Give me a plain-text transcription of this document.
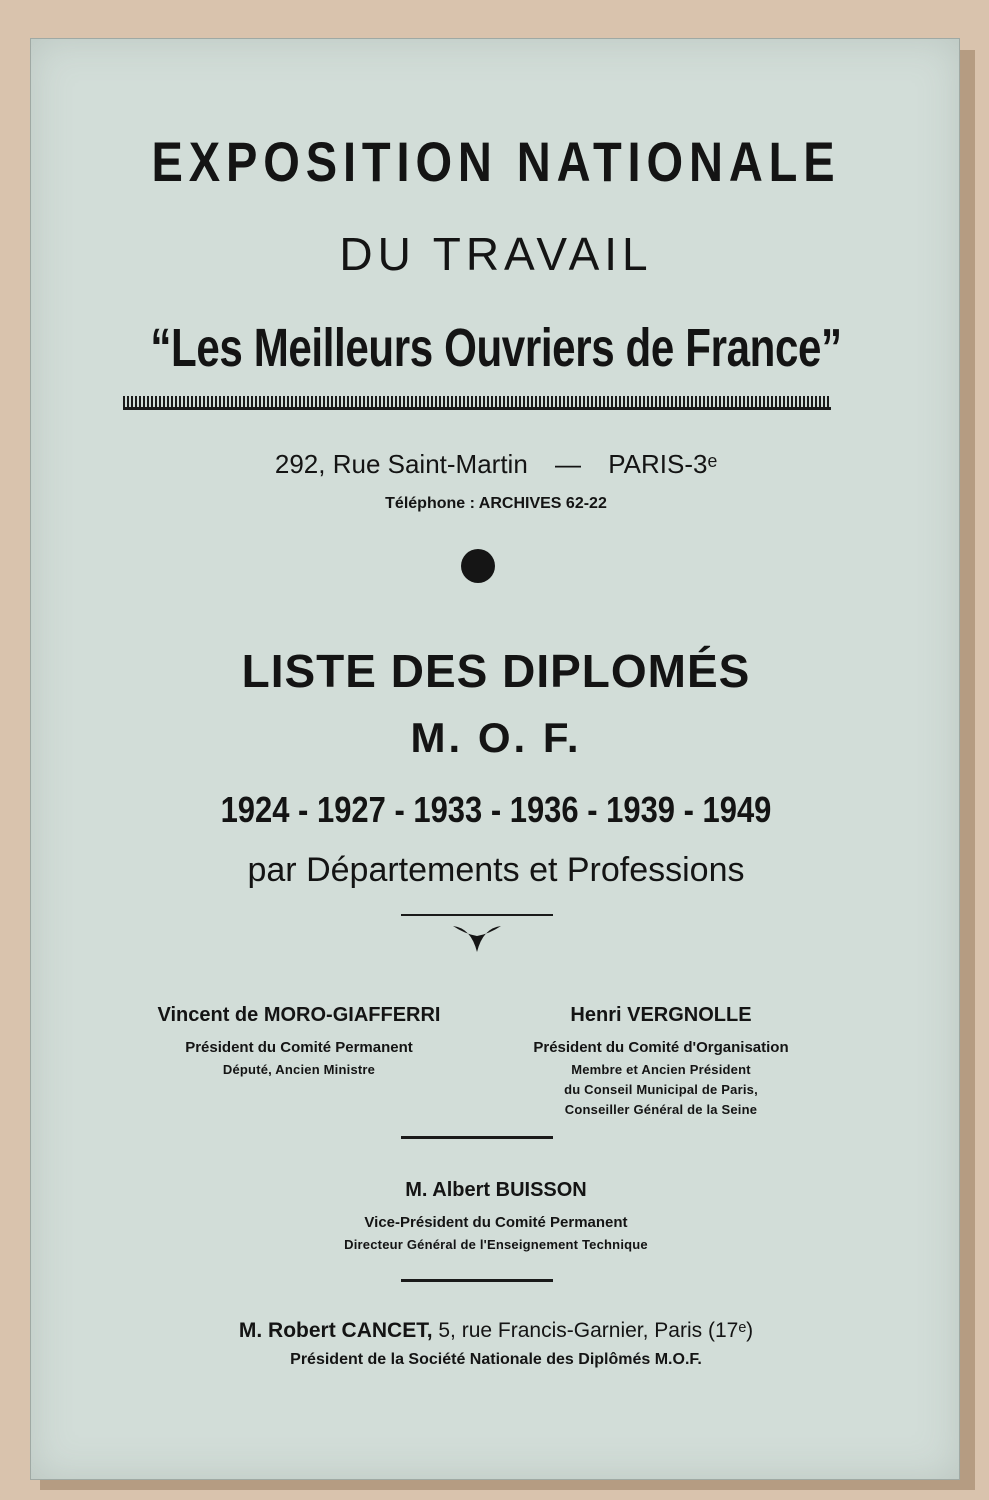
EXPOSITION NATIONALE
DU TRAVAIL
“Les Meilleurs Ouvriers de France”
292, Rue Saint-Martin — PARIS-3ᵉ
Téléphone : ARCHIVES 62-22
LISTE DES DIPLOMÉS
M. O. F.
1924 - 1927 - 1933 - 1936 - 1939 - 1949
par Départements et Professions
Vincent de MORO-GIAFFERRI
Président du Comité Permanent
Député, Ancien Ministre
Henri VERGNOLLE
Président du Comité d'Organisation
Membre et Ancien Président
du Conseil Municipal de Paris,
Conseiller Général de la Seine
M. Albert BUISSON
Vice-Président du Comité Permanent
Directeur Général de l'Enseignement Technique
M. Robert CANCET, 5, rue Francis-Garnier, Paris (17ᵉ)
Président de la Société Nationale des Diplômés M.O.F.
